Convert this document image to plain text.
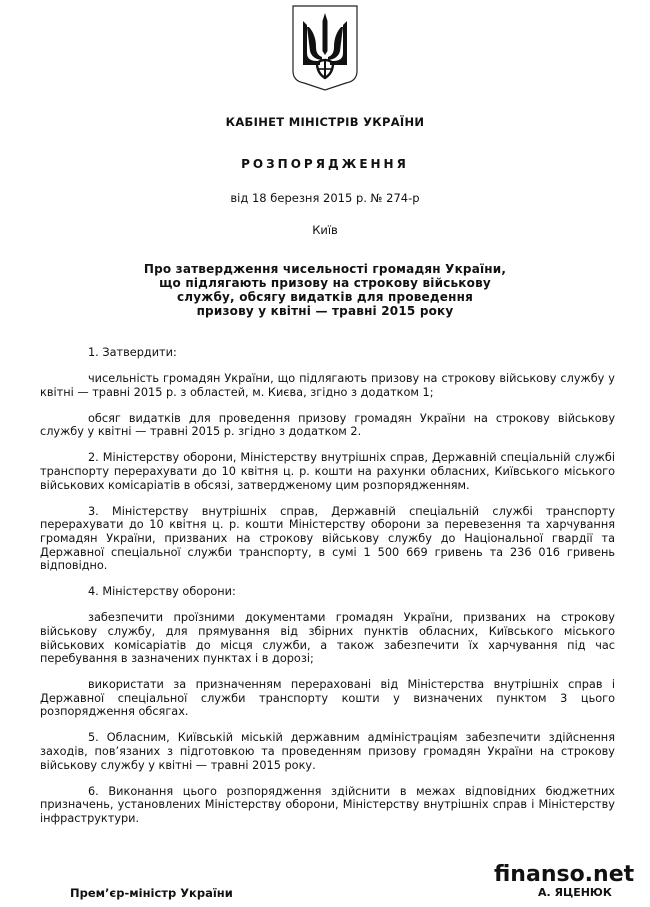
КАБІНЕТ МІНІСТРІВ УКРАЇНИ
РОЗПОРЯДЖЕННЯ
від 18 березня 2015 р. № 274-р
Київ
Про затвердження чисельності громадян України,
що підлягають призову на строкову військову
службу, обсягу видатків для проведення
призову у квітні — травні 2015 року

1. Затвердити:

чисельність громадян України, що підлягають призову на строкову військову службу у квітні — травні 2015 р. з областей, м. Києва, згідно з додатком 1;

обсяг видатків для проведення призову громадян України на строкову військову службу у квітні — травні 2015 р. згідно з додатком 2.

2. Міністерству оборони, Міністерству внутрішніх справ, Державній спеціальній службі транспорту перерахувати до 10 квітня ц. р. кошти на рахунки обласних, Київського міського військових комісаріатів в обсязі, затвердженому цим розпорядженням.

3. Міністерству внутрішніх справ, Державній спеціальній службі транспорту перерахувати до 10 квітня ц. р. кошти Міністерству оборони за перевезення та харчування громадян України, призваних на строкову військову службу до Національної гвардії та Державної спеціальної служби транспорту, в сумі 1 500 669 гривень та 236 016 гривень відповідно.

4. Міністерству оборони:

забезпечити проїзними документами громадян України, призваних на строкову військову службу, для прямування від збірних пунктів обласних, Київського міського військових комісаріатів до місця служби, а також забезпечити їх харчування під час перебування в зазначених пунктах і в дорозі;

використати за призначенням перераховані від Міністерства внутрішніх справ і Державної спеціальної служби транспорту кошти у визначених пунктом 3 цього розпорядження обсягах.

5. Обласним, Київській міській державним адміністраціям забезпечити здійснення заходів, пов’язаних з підготовкою та проведенням призову громадян України на строкову військову службу у квітні — травні 2015 року.

6. Виконання цього розпорядження здійснити в межах відповідних бюджетних призначень, установлених Міністерству оборони, Міністерству внутрішніх справ і Міністерству інфраструктури.

finanso.net
Прем’єр-міністр України	А. ЯЦЕНЮК
